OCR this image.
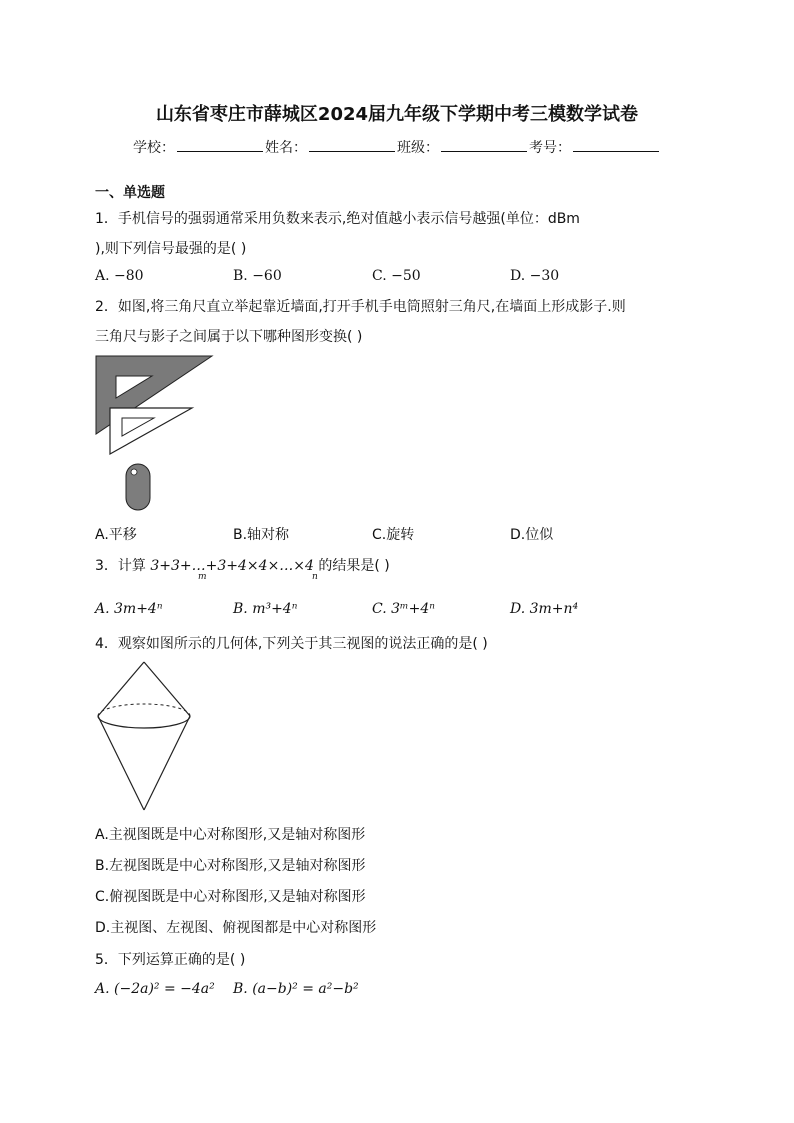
山东省枣庄市薛城区2024届九年级下学期中考三模数学试卷
学校：	姓名：	班级：	考号：
一、单选题
1．手机信号的强弱通常采用负数来表示,绝对值越小表示信号越强(单位：dBm
),则下列信号最强的是( )
A. −80	B. −60	C. −50	D. −30
2．如图,将三角尺直立举起靠近墙面,打开手机手电筒照射三角尺,在墙面上形成影子.则
三角尺与影子之间属于以下哪种图形变换( )
A.平移	B.轴对称	C.旋转	D.位似
3．计算 3+3+…+3+4×4×…×4 的结果是( )
m	n
A. 3m+4ⁿ	B. m³+4ⁿ	C. 3ᵐ+4ⁿ	D. 3m+n⁴
4．观察如图所示的几何体,下列关于其三视图的说法正确的是( )
A.主视图既是中心对称图形,又是轴对称图形
B.左视图既是中心对称图形,又是轴对称图形
C.俯视图既是中心对称图形,又是轴对称图形
D.主视图、左视图、俯视图都是中心对称图形
5．下列运算正确的是( )
A. (−2a)² = −4a² B. (a−b)² = a²−b²
